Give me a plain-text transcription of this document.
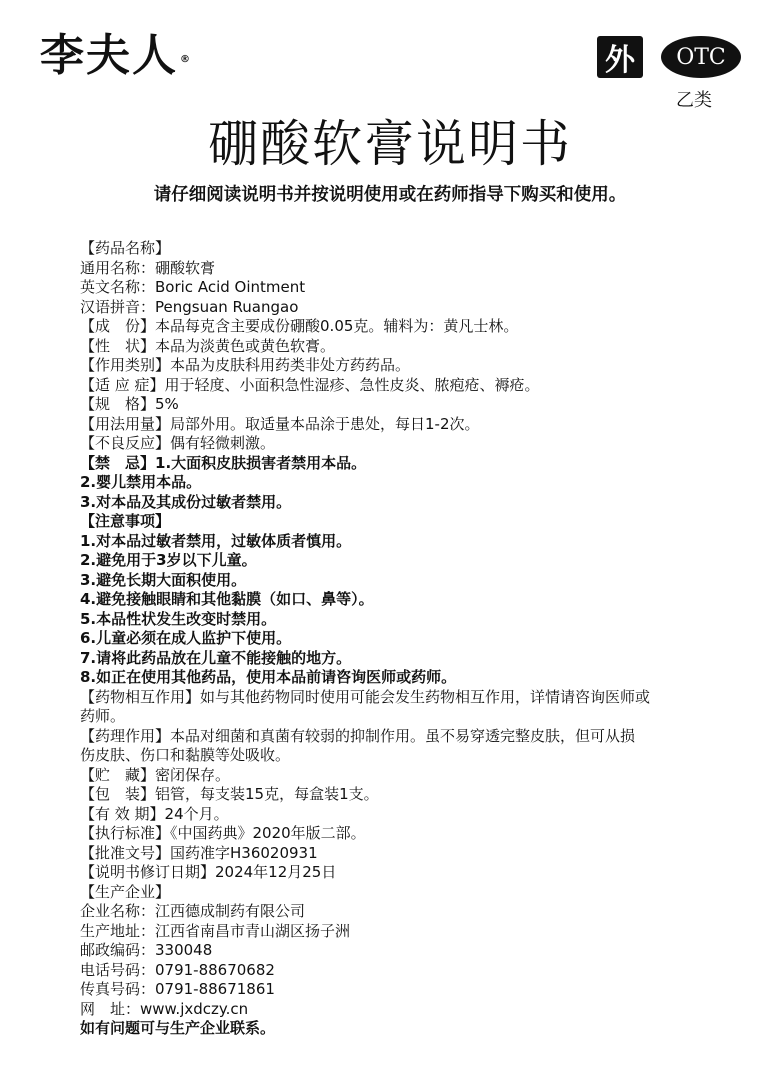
李夫人 ®	外	OTC
乙类
硼酸软膏说明书
请仔细阅读说明书并按说明使用或在药师指导下购买和使用。
【药品名称】
通用名称：硼酸软膏
英文名称：Boric Acid Ointment
汉语拼音：Pengsuan Ruangao
【成　份】本品每克含主要成份硼酸0.05克。辅料为：黄凡士林。
【性　状】本品为淡黄色或黄色软膏。
【作用类别】本品为皮肤科用药类非处方药药品。
【适 应 症】用于轻度、小面积急性湿疹、急性皮炎、脓疱疮、褥疮。
【规　格】5%
【用法用量】局部外用。取适量本品涂于患处，每日1-2次。
【不良反应】偶有轻微刺激。
【禁　忌】1.大面积皮肤损害者禁用本品。
2.婴儿禁用本品。
3.对本品及其成份过敏者禁用。
【注意事项】
1.对本品过敏者禁用，过敏体质者慎用。
2.避免用于3岁以下儿童。
3.避免长期大面积使用。
4.避免接触眼睛和其他黏膜（如口、鼻等）。
5.本品性状发生改变时禁用。
6.儿童必须在成人监护下使用。
7.请将此药品放在儿童不能接触的地方。
8.如正在使用其他药品，使用本品前请咨询医师或药师。
【药物相互作用】如与其他药物同时使用可能会发生药物相互作用，详情请咨询医师或
药师。
【药理作用】本品对细菌和真菌有较弱的抑制作用。虽不易穿透完整皮肤，但可从损
伤皮肤、伤口和黏膜等处吸收。
【贮　藏】密闭保存。
【包　装】铝管，每支装15克，每盒装1支。
【有 效 期】24个月。
【执行标准】《中国药典》2020年版二部。
【批准文号】国药准字H36020931
【说明书修订日期】2024年12月25日
【生产企业】
企业名称：江西德成制药有限公司
生产地址：江西省南昌市青山湖区扬子洲
邮政编码：330048
电话号码：0791-88670682
传真号码：0791-88671861
网　址：www.jxdczy.cn
如有问题可与生产企业联系。
